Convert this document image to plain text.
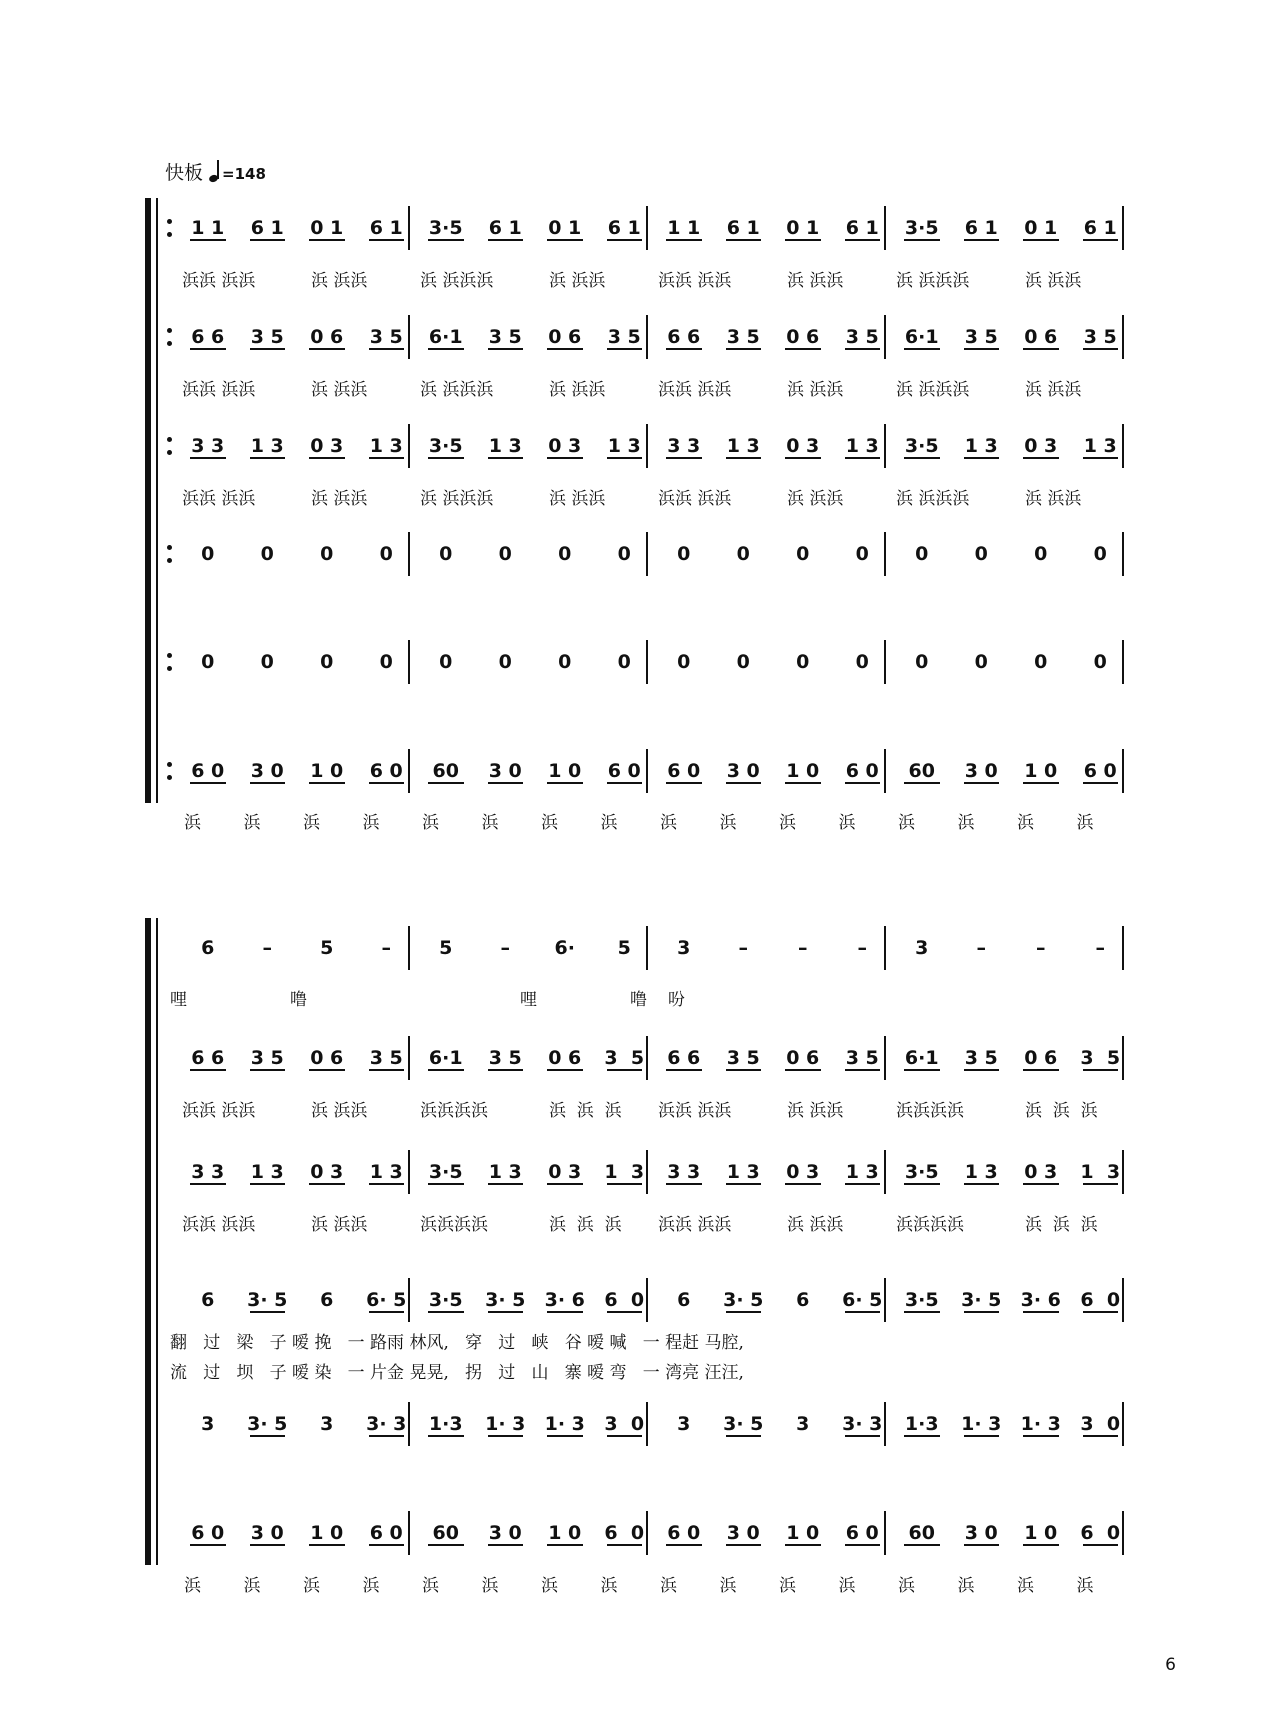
快板 =148
1 1	6 1	0 1	6 1	3·5	6 1	0 1	6 1	1 1	6 1	0 1	6 1	3·5	6 1	0 1	6 1
浜浜 浜浜	浜 浜浜	浜 浜浜浜	浜 浜浜	浜浜 浜浜	浜 浜浜	浜 浜浜浜	浜 浜浜
6 6	3 5	0 6	3 5	6·1	3 5	0 6	3 5	6 6	3 5	0 6	3 5	6·1	3 5	0 6	3 5
浜浜 浜浜	浜 浜浜	浜 浜浜浜	浜 浜浜	浜浜 浜浜	浜 浜浜	浜 浜浜浜	浜 浜浜
3 3	1 3	0 3	1 3	3·5	1 3	0 3	1 3	3 3	1 3	0 3	1 3	3·5	1 3	0 3	1 3
浜浜 浜浜	浜 浜浜	浜 浜浜浜	浜 浜浜	浜浜 浜浜	浜 浜浜	浜 浜浜浜	浜 浜浜
0	0	0	0	0	0	0	0	0	0	0	0	0	0	0	0
0	0	0	0	0	0	0	0	0	0	0	0	0	0	0	0
6 0	3 0	1 0	6 0	60	3 0	1 0	6 0	6 0	3 0	1 0	6 0	60	3 0	1 0	6 0
浜	浜	浜	浜	浜	浜	浜	浜	浜	浜	浜	浜	浜	浜	浜	浜
6	–	5	–	5	–	6·	5	3	–	–	–	3	–	–	–
哩	噜	哩	噜 吩
6 6	3 5	0 6	3 5	6·1	3 5	0 6	3  5	6 6	3 5	0 6	3 5	6·1	3 5	0 6	3  5
浜浜 浜浜	浜 浜浜	浜浜浜浜	浜  浜  浜 浜浜 浜浜	浜 浜浜	浜浜浜浜	浜  浜  浜
3 3	1 3	0 3	1 3	3·5	1 3	0 3	1  3	3 3	1 3	0 3	1 3	3·5	1 3	0 3	1  3
浜浜 浜浜	浜 浜浜	浜浜浜浜	浜  浜  浜 浜浜 浜浜	浜 浜浜	浜浜浜浜	浜  浜  浜
6	3· 5	6	6· 5	3·5	3· 5 3· 6	6  0	6	3· 5	6	6· 5	3·5	3· 5 3· 6	6  0
翻   过   梁   子 嗳 挽   一 路雨 林风,   穿   过   峡   谷 嗳 喊   一 程赶 马腔,
流   过   坝   子 嗳 染   一 片金 晃晃,   拐   过   山   寨 嗳 弯   一 湾亮 汪汪,
3	3· 5	3	3· 3	1·3	1· 3 1· 3	3  0	3	3· 5	3	3· 3	1·3	1· 3 1· 3	3  0
6 0	3 0	1 0	6 0	60	3 0	1 0	6  0	6 0	3 0	1 0	6 0	60	3 0	1 0	6  0
浜	浜	浜	浜	浜	浜	浜	浜	浜	浜	浜	浜	浜	浜	浜	浜
6
